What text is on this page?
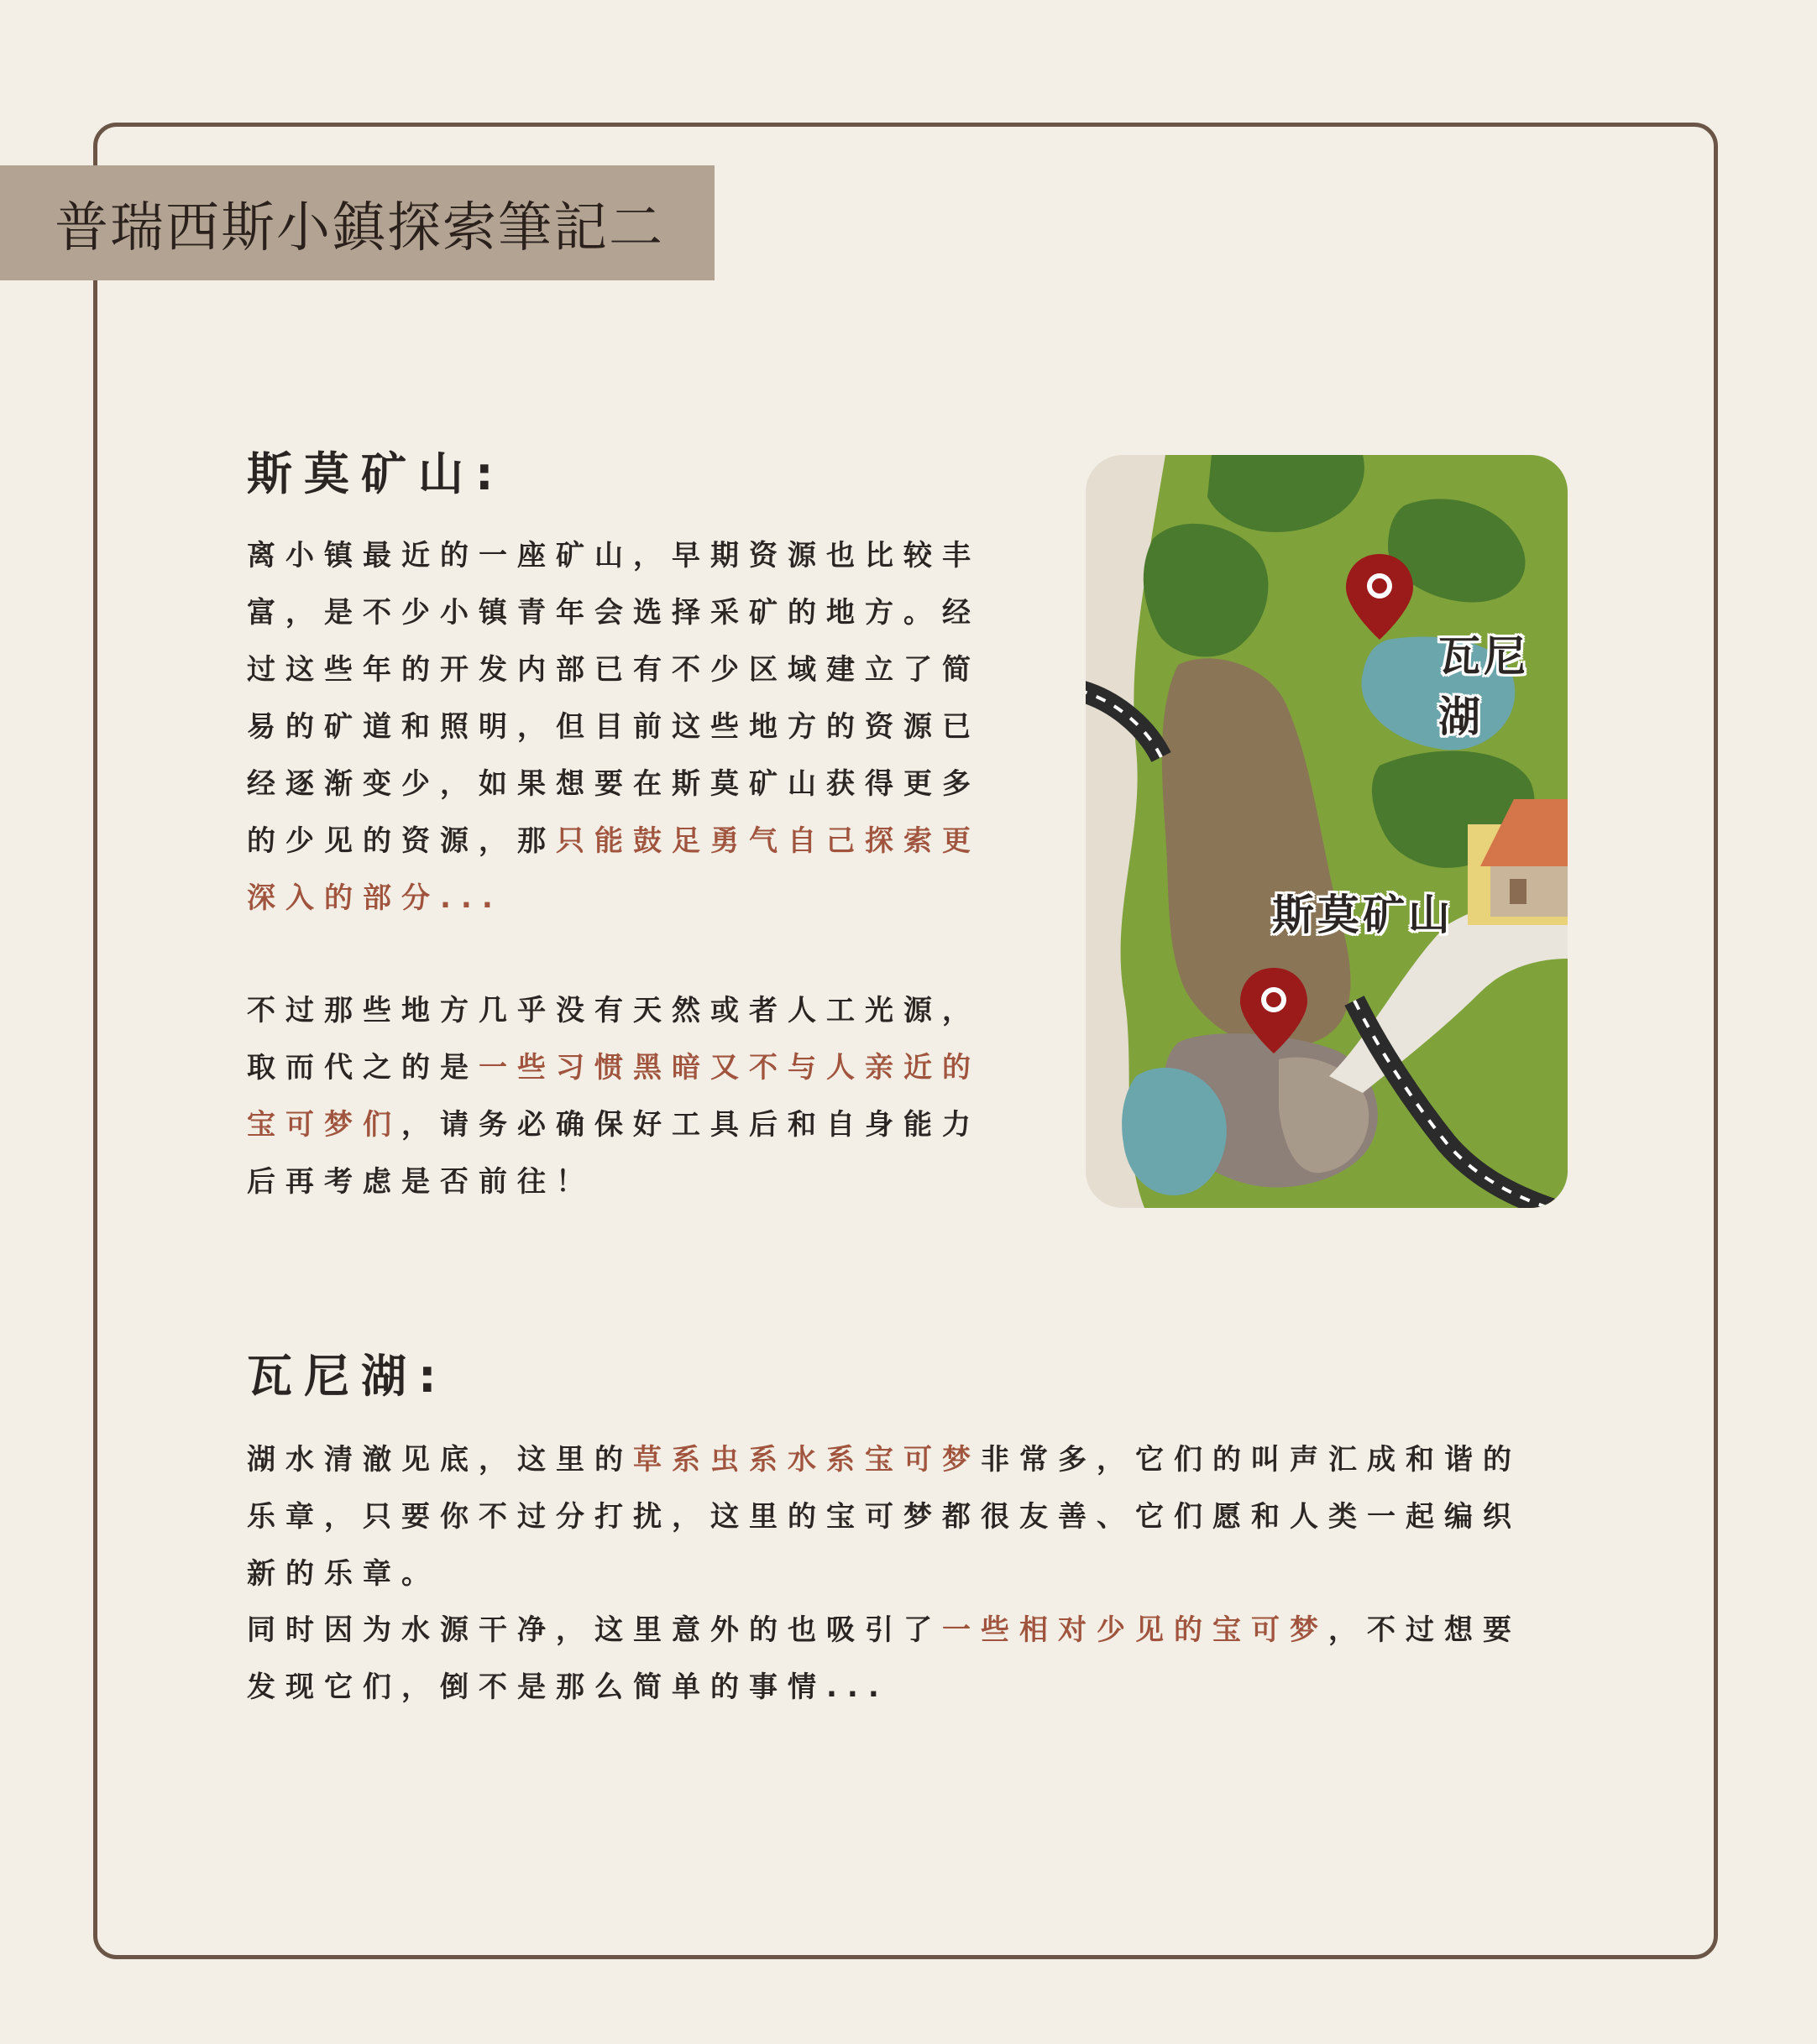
普瑞西斯小鎮探索筆記二
斯莫矿山:

离小镇最近的一座矿山，早期资源也比较丰富，是不少小镇青年会选择采矿的地方。经过这些年的开发内部已有不少区域建立了简易的矿道和照明，但目前这些地方的资源已经逐渐变少，如果想要在斯莫矿山获得更多的少见的资源，那只能鼓足勇气自己探索更深入的部分...

不过那些地方几乎没有天然或者人工光源，取而代之的是一些习惯黑暗又不与人亲近的宝可梦们，请务必确保好工具后和自身能力后再考虑是否前往！

瓦尼湖
斯莫矿山
瓦尼湖:

湖水清澈见底，这里的草系虫系水系宝可梦非常多，它们的叫声汇成和谐的乐章，只要你不过分打扰，这里的宝可梦都很友善、它们愿和人类一起编织新的乐章。

同时因为水源干净，这里意外的也吸引了一些相对少见的宝可梦，不过想要发现它们，倒不是那么简单的事情...
